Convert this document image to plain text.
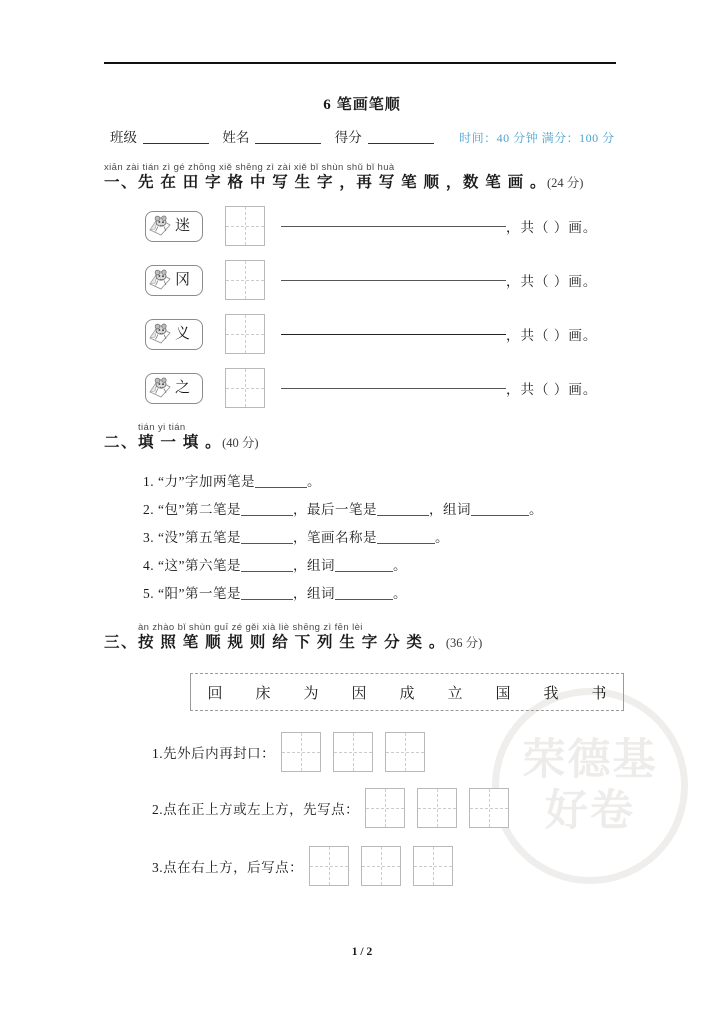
荣德基
好卷
6 笔画笔顺
班级	姓名	得分	时间：40 分钟 满分：100 分
xiān zài tián zì gé zhōng xiě shēng zì zài xiě bǐ shùn shǔ bǐ huà
一、先 在 田 字 格 中 写 生 字 ，再 写 笔 顺 ，数 笔 画 。(24 分)
迷	，共（ ）画。
冈	，共（ ）画。
义	，共（ ）画。
之	，共（ ）画。
tián yi tián
二、填 一 填 。(40 分)
1. “力”字加两笔是	。
2. “包”第二笔是	，最后一笔是	，组词	。
3. “没”第五笔是	，笔画名称是	。
4. “这”第六笔是	，组词	。
5. “阳”第一笔是	，组词	。
àn zhào bǐ shùn guī zé gěi xià liè shēng zì fēn lèi
三、按 照 笔 顺 规 则 给 下 列 生 字 分 类 。(36 分)
回 床 为 因 成 立 国 我 书
1.先外后内再封口：
2.点在正上方或左上方，先写点：
3.点在右上方，后写点：
1 / 2
